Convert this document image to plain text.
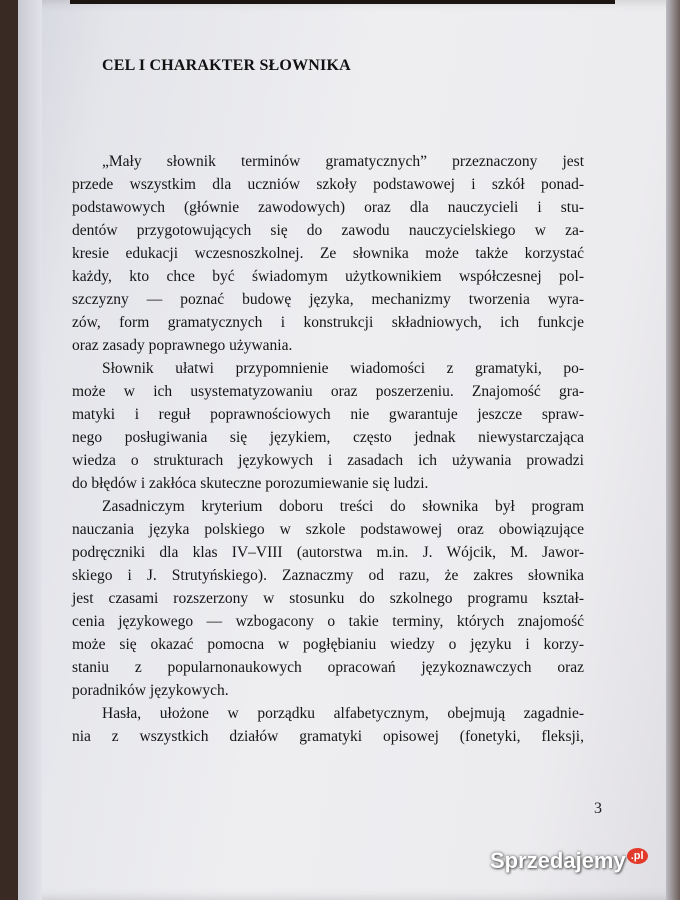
CEL I CHARAKTER SŁOWNIKA

„Mały słownik terminów gramatycznych” przeznaczony jest

przede wszystkim dla uczniów szkoły podstawowej i szkół ponad-

podstawowych (głównie zawodowych) oraz dla nauczycieli i stu-

dentów przygotowujących się do zawodu nauczycielskiego w za-

kresie edukacji wczesnoszkolnej. Ze słownika może także korzystać

każdy, kto chce być świadomym użytkownikiem współczesnej pol-

szczyzny — poznać budowę języka, mechanizmy tworzenia wyra-

zów, form gramatycznych i konstrukcji składniowych, ich funkcje

oraz zasady poprawnego używania.

Słownik ułatwi przypomnienie wiadomości z gramatyki, po-

może w ich usystematyzowaniu oraz poszerzeniu. Znajomość gra-

matyki i reguł poprawnościowych nie gwarantuje jeszcze spraw-

nego posługiwania się językiem, często jednak niewystarczająca

wiedza o strukturach językowych i zasadach ich używania prowadzi

do błędów i zakłóca skuteczne porozumiewanie się ludzi.

Zasadniczym kryterium doboru treści do słownika był program

nauczania języka polskiego w szkole podstawowej oraz obowiązujące

podręczniki dla klas IV–VIII (autorstwa m.in. J. Wójcik, M. Jawor-

skiego i J. Strutyńskiego). Zaznaczmy od razu, że zakres słownika

jest czasami rozszerzony w stosunku do szkolnego programu kształ-

cenia językowego — wzbogacony o takie terminy, których znajomość

może się okazać pomocna w pogłębianiu wiedzy o języku i korzy-

staniu z popularnonaukowych opracowań językoznawczych oraz

poradników językowych.

Hasła, ułożone w porządku alfabetycznym, obejmują zagadnie-

nia z wszystkich działów gramatyki opisowej (fonetyki, fleksji,

3
Sprzedajemy .pl
